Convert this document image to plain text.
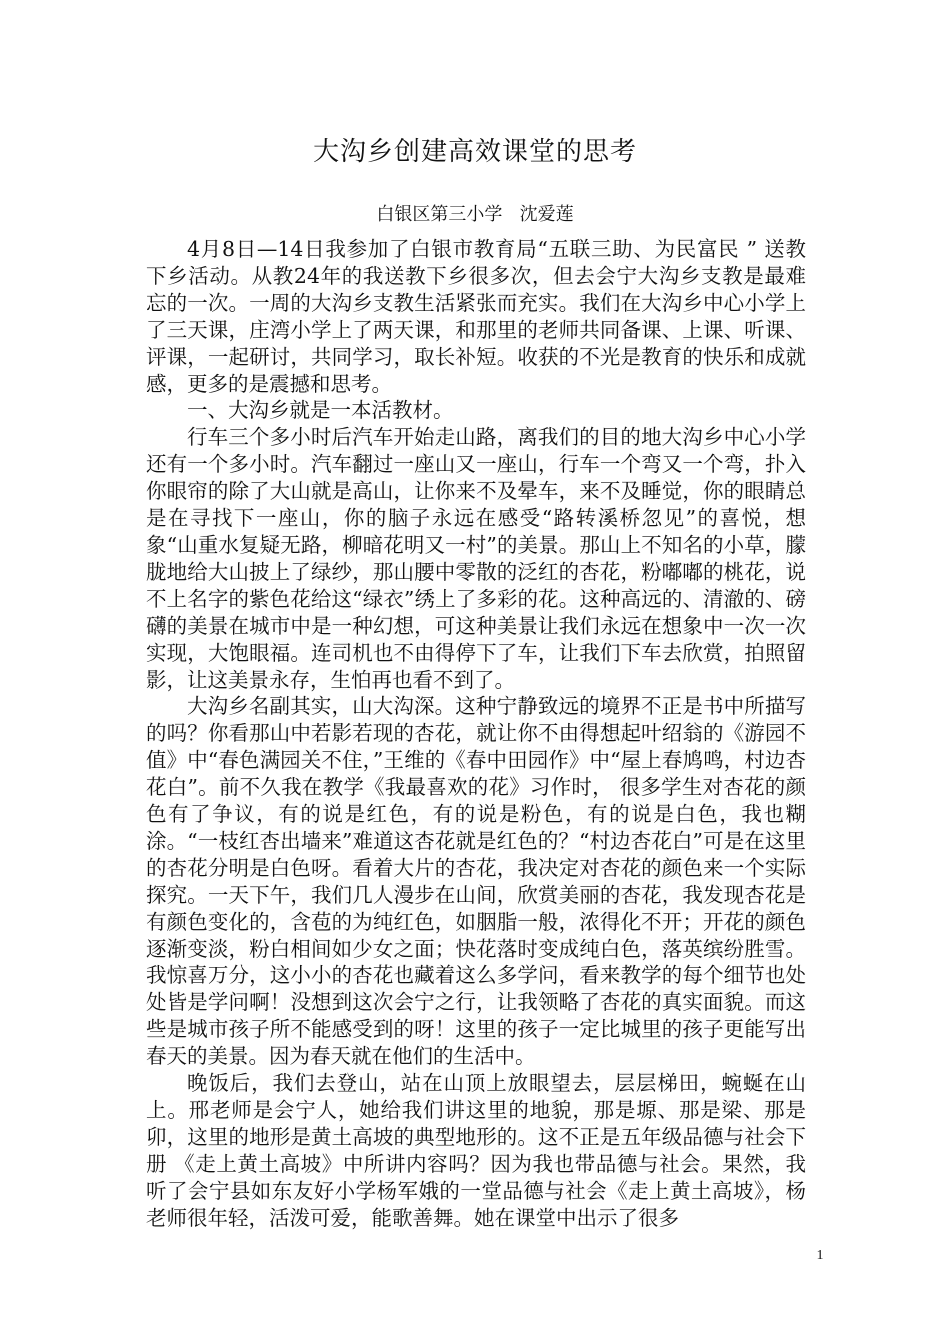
大沟乡创建高效课堂的思考
白银区第三小学   沈爱莲

4月8日—14日我参加了白银市教育局“五联三助、为民富民 ” 送教下乡活动。从教24年的我送教下乡很多次，但去会宁大沟乡支教是最难忘的一次。一周的大沟乡支教生活紧张而充实。我们在大沟乡中心小学上了三天课，庄湾小学上了两天课，和那里的老师共同备课、上课、听课、评课，一起研讨，共同学习，取长补短。收获的不光是教育的快乐和成就感，更多的是震撼和思考。

一、大沟乡就是一本活教材。

行车三个多小时后汽车开始走山路，离我们的目的地大沟乡中心小学还有一个多小时。汽车翻过一座山又一座山，行车一个弯又一个弯，扑入你眼帘的除了大山就是高山，让你来不及晕车，来不及睡觉，你的眼睛总是在寻找下一座山，你的脑子永远在感受“路转溪桥忽见”的喜悦，想象“山重水复疑无路，柳暗花明又一村”的美景。那山上不知名的小草，朦胧地给大山披上了绿纱，那山腰中零散的泛红的杏花，粉嘟嘟的桃花，说不上名字的紫色花给这“绿衣”绣上了多彩的花。这种高远的、清澈的、磅礴的美景在城市中是一种幻想，可这种美景让我们永远在想象中一次一次实现，大饱眼福。连司机也不由得停下了车，让我们下车去欣赏，拍照留影，让这美景永存，生怕再也看不到了。

大沟乡名副其实，山大沟深。这种宁静致远的境界不正是书中所描写的吗？你看那山中若影若现的杏花，就让你不由得想起叶绍翁的《游园不值》中“春色满园关不住，”王维的《春中田园作》中“屋上春鸠鸣，村边杏花白”。前不久我在教学《我最喜欢的花》习作时， 很多学生对杏花的颜色有了争议，有的说是红色，有的说是粉色，有的说是白色，我也糊涂。“一枝红杏出墙来”难道这杏花就是红色的？“村边杏花白”可是在这里的杏花分明是白色呀。看着大片的杏花，我决定对杏花的颜色来一个实际探究。一天下午，我们几人漫步在山间，欣赏美丽的杏花，我发现杏花是有颜色变化的，含苞的为纯红色，如胭脂一般，浓得化不开；开花的颜色逐渐变淡，粉白相间如少女之面；快花落时变成纯白色，落英缤纷胜雪。我惊喜万分，这小小的杏花也藏着这么多学问，看来教学的每个细节也处处皆是学问啊！没想到这次会宁之行，让我领略了杏花的真实面貌。而这些是城市孩子所不能感受到的呀！这里的孩子一定比城里的孩子更能写出春天的美景。因为春天就在他们的生活中。

晚饭后，我们去登山，站在山顶上放眼望去，层层梯田，蜿蜒在山上。邢老师是会宁人，她给我们讲这里的地貌，那是塬、那是梁、那是卯，这里的地形是黄土高坡的典型地形的。这不正是五年级品德与社会下册 《走上黄土高坡》中所讲内容吗？因为我也带品德与社会。果然，我听了会宁县如东友好小学杨军娥的一堂品德与社会《走上黄土高坡》，杨老师很年轻，活泼可爱，能歌善舞。她在课堂中出示了很多

1
